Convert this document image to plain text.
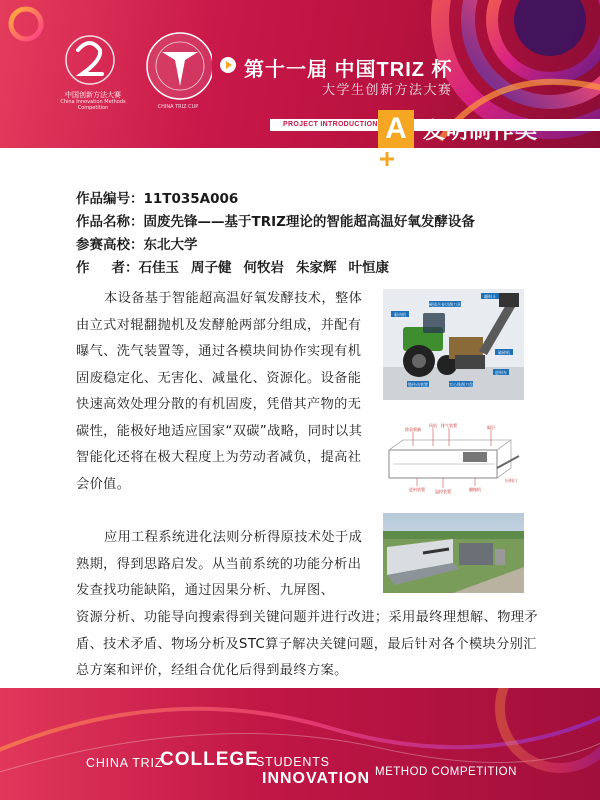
中国创新方法大赛
China Innovation Methods Competition	CHINA TRIZ CUP
第十一届 中国TRIZ 杯
大学生创新方法大赛
PROJECT INTRODUCTION A 发明制作类
作品编号：11T035A006
作品名称：固废先锋——基于TRIZ理论的智能超高温好氧发酵设备
参赛高校：东北大学
作 者：石佳玉 周子健 何牧岩 朱家辉 叶恒康
本设备基于智能超高温好氧发酵技术，整体由立式对辊翻抛机及发酵舱两部分组成，并配有曝气、洗气装置等，通过各模块间协作实现有机固废稳定化、无害化、减量化、资源化。设备能快速高效处理分散的有机固废，凭借其产物的无碳性，能极好地适应国家“双碳”战略，同时以其智能化还将在极大程度上为劳动者减负，提高社会价值。
驱动机
硬质合金切削刀具
翻料斗
破碎机
链传动装置	实心铣削刀盘
进料车
除臭喷淋
风机 排气装置	隔层
进料装置	温控装置	翻抛机
出料口
应用工程系统进化法则分析得原技术处于成熟期，得到思路启发。从当前系统的功能分析出发查找功能缺陷，通过因果分析、九屏图、
资源分析、功能导向搜索得到关键问题并进行改进；采用最终理想解、物理矛盾、技术矛盾、物场分析及STC算子解决关键问题，最后针对各个模块分别汇总方案和评价，经组合优化后得到最终方案。
CHINA TRIZ
COLLEGE
STUDENTS
INNOVATION METHOD COMPETITION
